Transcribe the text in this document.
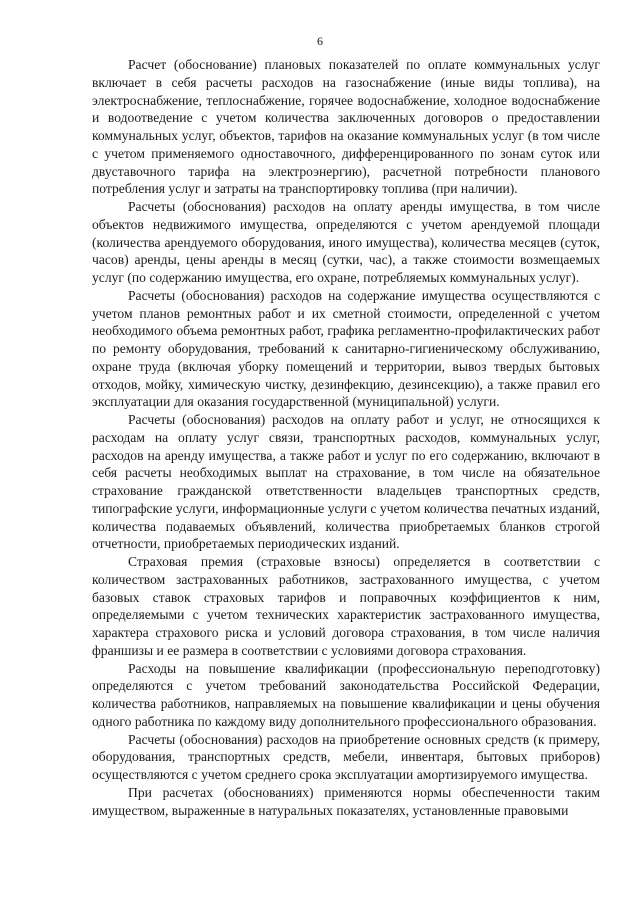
6

Расчет (обоснование) плановых показателей по оплате коммунальных услуг включает в себя расчеты расходов на газоснабжение (иные виды топлива), на электроснабжение, теплоснабжение, горячее водоснабжение, холодное водоснабжение и водоотведение с учетом количества заключенных договоров о предоставлении коммунальных услуг, объектов, тарифов на оказание коммунальных услуг (в том числе с учетом применяемого одноставочного, дифференцированного по зонам суток или двуставочного тарифа на электроэнергию), расчетной потребности планового потребления услуг и затраты на транспортировку топлива (при наличии).

Расчеты (обоснования) расходов на оплату аренды имущества, в том числе объектов недвижимого имущества, определяются с учетом арендуемой площади (количества арендуемого оборудования, иного имущества), количества месяцев (суток, часов) аренды, цены аренды в месяц (сутки, час), а также стоимости возмещаемых услуг (по содержанию имущества, его охране, потребляемых коммунальных услуг).

Расчеты (обоснования) расходов на содержание имущества осуществляются с учетом планов ремонтных работ и их сметной стоимости, определенной с учетом необходимого объема ремонтных работ, графика регламентно-профилактических работ по ремонту оборудования, требований к санитарно-гигиеническому обслуживанию, охране труда (включая уборку помещений и территории, вывоз твердых бытовых отходов, мойку, химическую чистку, дезинфекцию, дезинсекцию), а также правил его эксплуатации для оказания государственной (муниципальной) услуги.

Расчеты (обоснования) расходов на оплату работ и услуг, не относящихся к расходам на оплату услуг связи, транспортных расходов, коммунальных услуг, расходов на аренду имущества, а также работ и услуг по его содержанию, включают в себя расчеты необходимых выплат на страхование, в том числе на обязательное страхование гражданской ответственности владельцев транспортных средств, типографские услуги, информационные услуги с учетом количества печатных изданий, количества подаваемых объявлений, количества приобретаемых бланков строгой отчетности, приобретаемых периодических изданий.

Страховая премия (страховые взносы) определяется в соответствии с количеством застрахованных работников, застрахованного имущества, с учетом базовых ставок страховых тарифов и поправочных коэффициентов к ним, определяемыми с учетом технических характеристик застрахованного имущества, характера страхового риска и условий договора страхования, в том числе наличия франшизы и ее размера в соответствии с условиями договора страхования.

Расходы на повышение квалификации (профессиональную переподготовку) определяются с учетом требований законодательства Российской Федерации, количества работников, направляемых на повышение квалификации и цены обучения одного работника по каждому виду дополнительного профессионального образования.

Расчеты (обоснования) расходов на приобретение основных средств (к примеру, оборудования, транспортных средств, мебели, инвентаря, бытовых приборов) осуществляются с учетом среднего срока эксплуатации амортизируемого имущества.

При расчетах (обоснованиях) применяются нормы обеспеченности таким имуществом, выраженные в натуральных показателях, установленные правовыми
